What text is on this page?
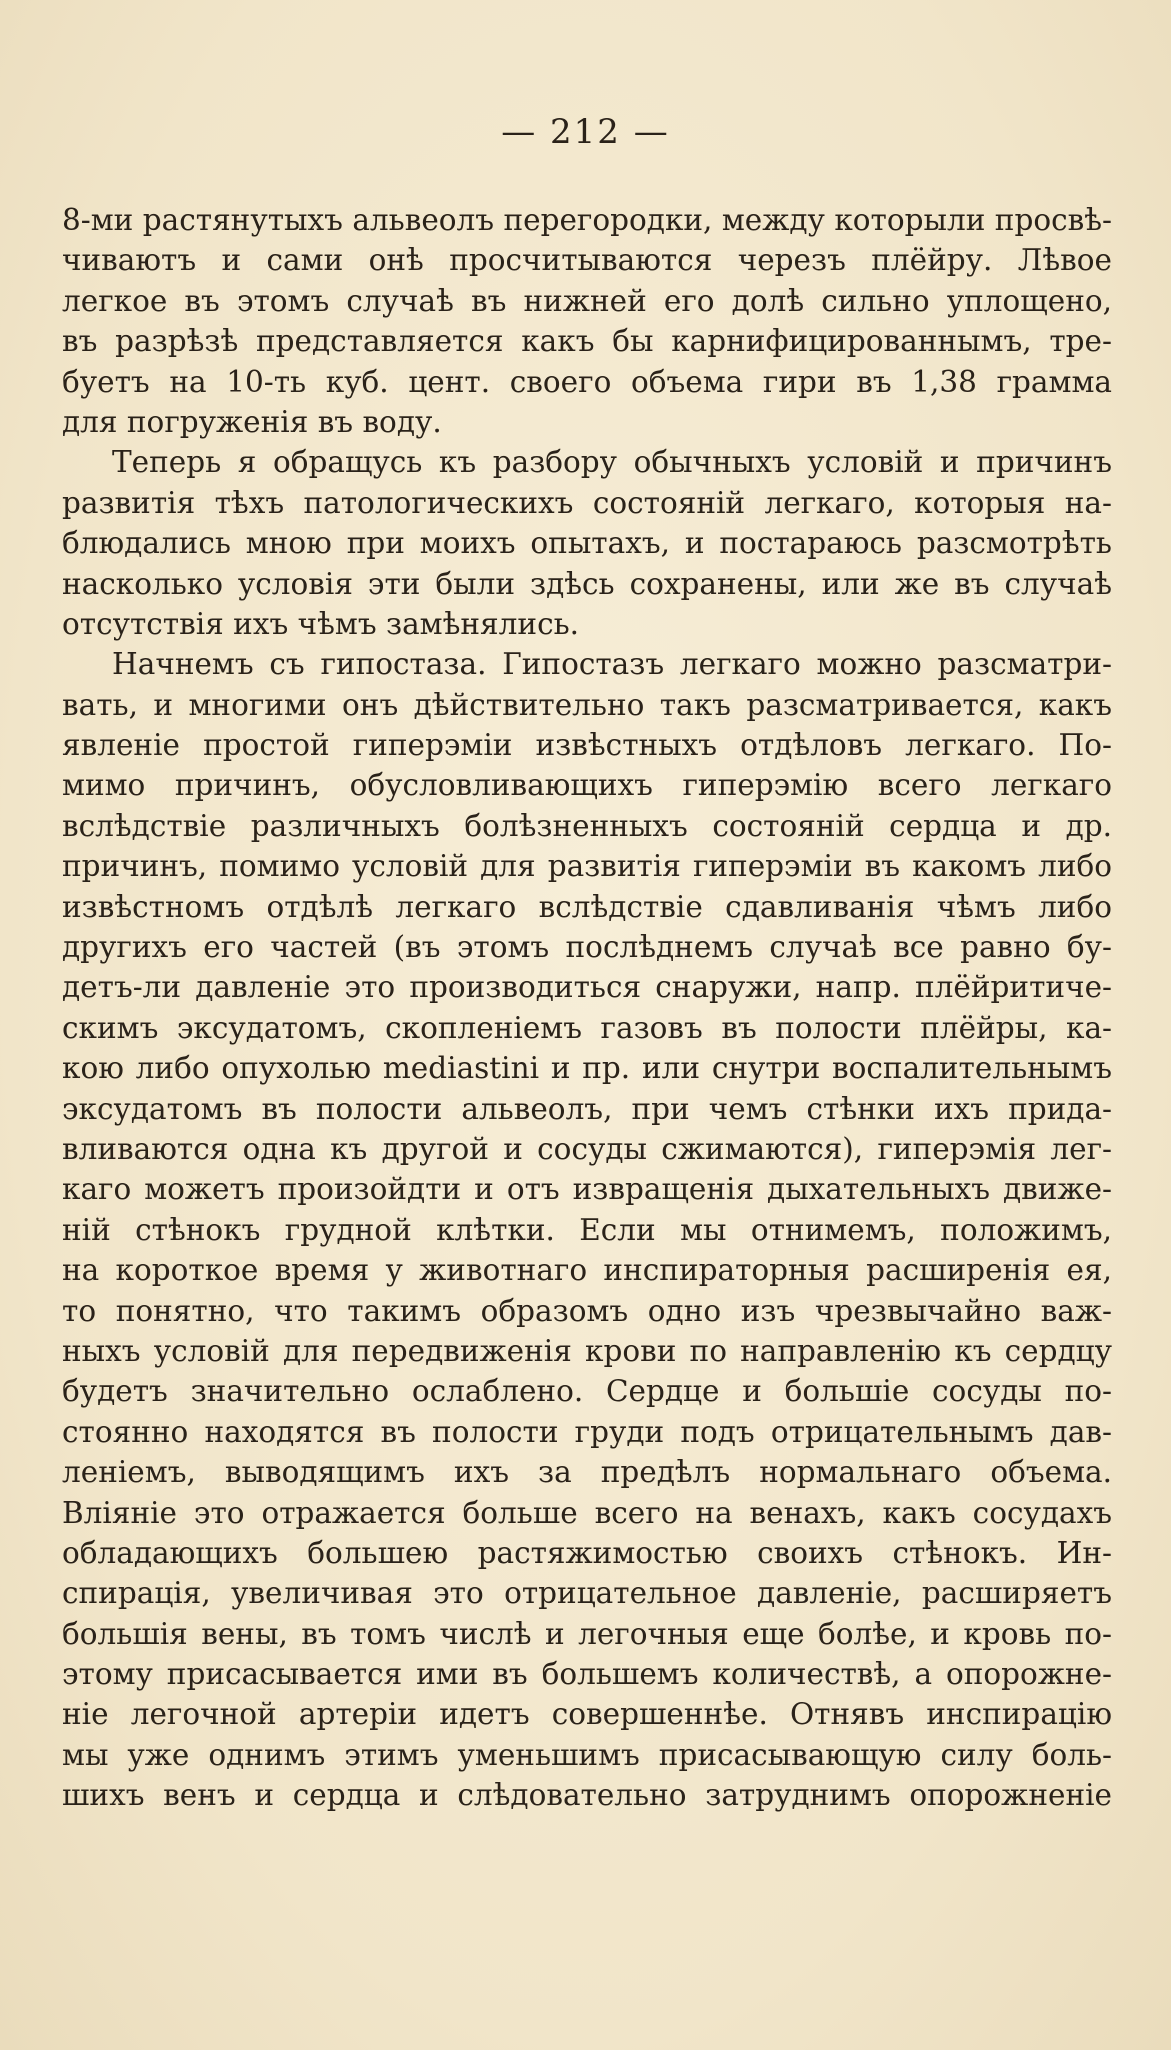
— 212 —
8-ми растянутыхъ альвеолъ перегородки, между которыли просвѣ-
чиваютъ и сами онѣ просчитываются черезъ плёйру. Лѣвое
легкое въ этомъ случаѣ въ нижней его долѣ сильно уплощено,
въ разрѣзѣ представляется какъ бы карнифицированнымъ, тре-
буетъ на 10-ть куб. цент. своего объема гири въ 1,38 грамма
для погруженія въ воду.
Теперь я обращусь къ разбору обычныхъ условій и причинъ
развитія тѣхъ патологическихъ состояній легкаго, которыя на-
блюдались мною при моихъ опытахъ, и постараюсь разсмотрѣть
насколько условія эти были здѣсь сохранены, или же въ случаѣ
отсутствія ихъ чѣмъ замѣнялись.
Начнемъ съ гипостаза. Гипостазъ легкаго можно разсматри-
вать, и многими онъ дѣйствительно такъ разсматривается, какъ
явленіе простой гиперэміи извѣстныхъ отдѣловъ легкаго. По-
мимо причинъ, обусловливающихъ гиперэмію всего легкаго
вслѣдствіе различныхъ болѣзненныхъ состояній сердца и др.
причинъ, помимо условій для развитія гиперэміи въ какомъ либо
извѣстномъ отдѣлѣ легкаго вслѣдствіе сдавливанія чѣмъ либо
другихъ его частей (въ этомъ послѣднемъ случаѣ все равно бу-
детъ-ли давленіе это производиться снаружи, напр. плёйритиче-
скимъ эксудатомъ, скопленіемъ газовъ въ полости плёйры, ка-
кою либо опухолью mediastini и пр. или снутри воспалительнымъ
эксудатомъ въ полости альвеолъ, при чемъ стѣнки ихъ прида-
вливаются одна къ другой и сосуды сжимаются), гиперэмія лег-
каго можетъ произойдти и отъ извращенія дыхательныхъ движе-
ній стѣнокъ грудной клѣтки. Если мы отнимемъ, положимъ,
на короткое время у животнаго инспираторныя расширенія ея,
то понятно, что такимъ образомъ одно изъ чрезвычайно важ-
ныхъ условій для передвиженія крови по направленію къ сердцу
будетъ значительно ослаблено. Сердце и большіе сосуды по-
стоянно находятся въ полости груди подъ отрицательнымъ дав-
леніемъ, выводящимъ ихъ за предѣлъ нормальнаго объема.
Вліяніе это отражается больше всего на венахъ, какъ сосудахъ
обладающихъ большею растяжимостью своихъ стѣнокъ. Ин-
спирація, увеличивая это отрицательное давленіе, расширяетъ
большія вены, въ томъ числѣ и легочныя еще болѣе, и кровь по-
этому присасывается ими въ большемъ количествѣ, а опорожне-
ніе легочной артеріи идетъ совершеннѣе. Отнявъ инспирацію
мы уже однимъ этимъ уменьшимъ присасывающую силу боль-
шихъ венъ и сердца и слѣдовательно затруднимъ опорожненіе
